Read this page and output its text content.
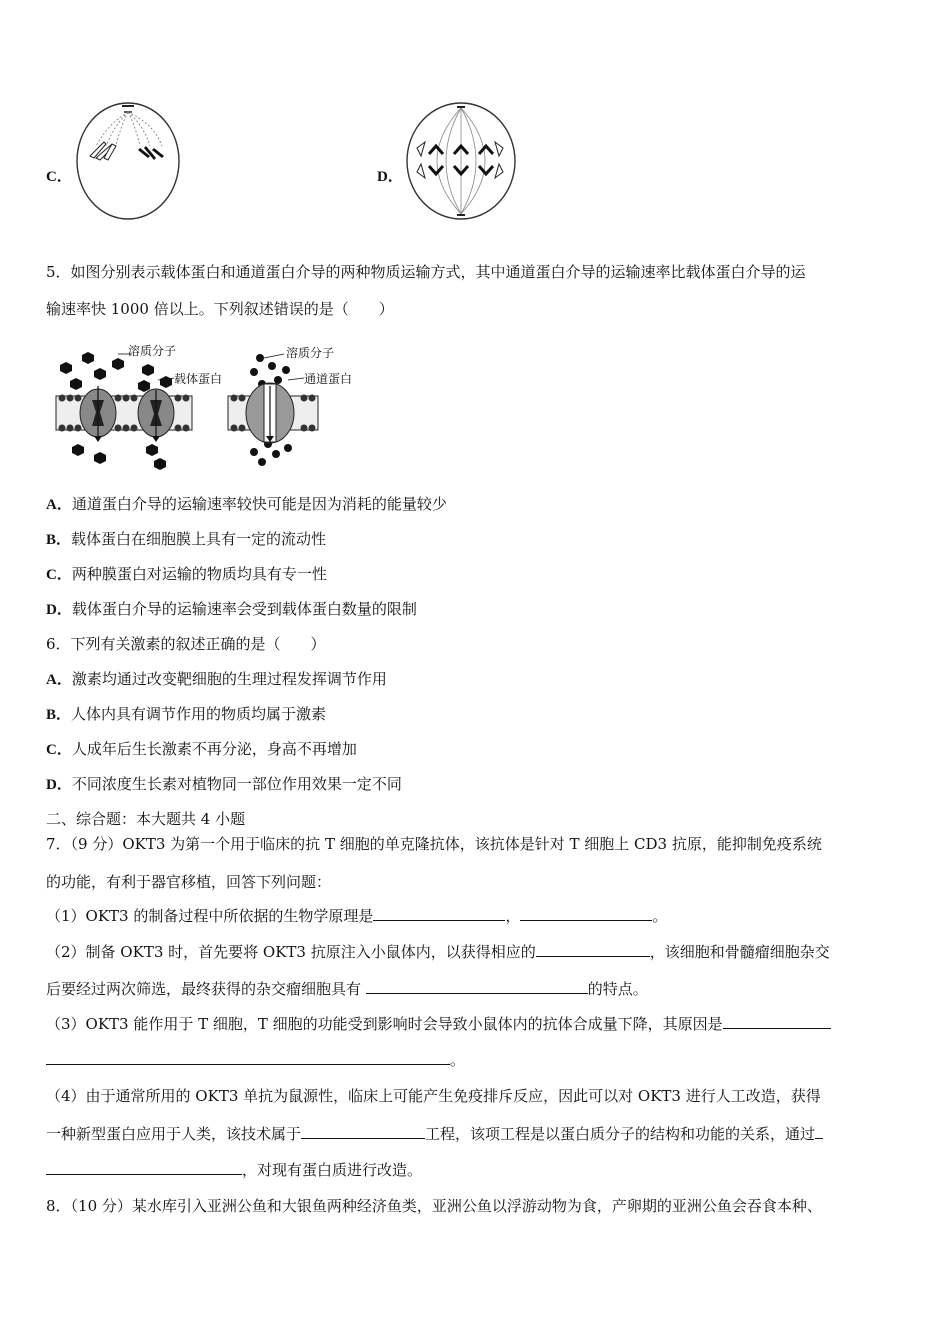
C．	D．
5．如图分别表示载体蛋白和通道蛋白介导的两种物质运输方式，其中通道蛋白介导的运输速率比载体蛋白介导的运
输速率快 1000 倍以上。下列叙述错误的是（　　）
溶质分子
载体蛋白
溶质分子
通道蛋白
A．通道蛋白介导的运输速率较快可能是因为消耗的能量较少
B．载体蛋白在细胞膜上具有一定的流动性
C．两种膜蛋白对运输的物质均具有专一性
D．载体蛋白介导的运输速率会受到载体蛋白数量的限制
6．下列有关激素的叙述正确的是（　　）
A．激素均通过改变靶细胞的生理过程发挥调节作用
B．人体内具有调节作用的物质均属于激素
C．人成年后生长激素不再分泌，身高不再增加
D．不同浓度生长素对植物同一部位作用效果一定不同
二、综合题：本大题共 4 小题
7．（9 分）OKT3 为第一个用于临床的抗 T 细胞的单克隆抗体，该抗体是针对 T 细胞上 CD3 抗原，能抑制免疫系统
的功能，有利于器官移植，回答下列问题：
（1）OKT3 的制备过程中所依据的生物学原理是	，	。
（2）制备 OKT3 时，首先要将 OKT3 抗原注入小鼠体内，以获得相应的	，该细胞和骨髓瘤细胞杂交
后要经过两次筛选，最终获得的杂交瘤细胞具有	的特点。
（3）OKT3 能作用于 T 细胞，T 细胞的功能受到影响时会导致小鼠体内的抗体合成量下降，其原因是
。
（4）由于通常所用的 OKT3 单抗为鼠源性，临床上可能产生免疫排斥反应，因此可以对 OKT3 进行人工改造，获得
一种新型蛋白应用于人类，该技术属于	工程，该项工程是以蛋白质分子的结构和功能的关系，通过
，对现有蛋白质进行改造。
8．（10 分）某水库引入亚洲公鱼和大银鱼两种经济鱼类，亚洲公鱼以浮游动物为食，产卵期的亚洲公鱼会吞食本种、
